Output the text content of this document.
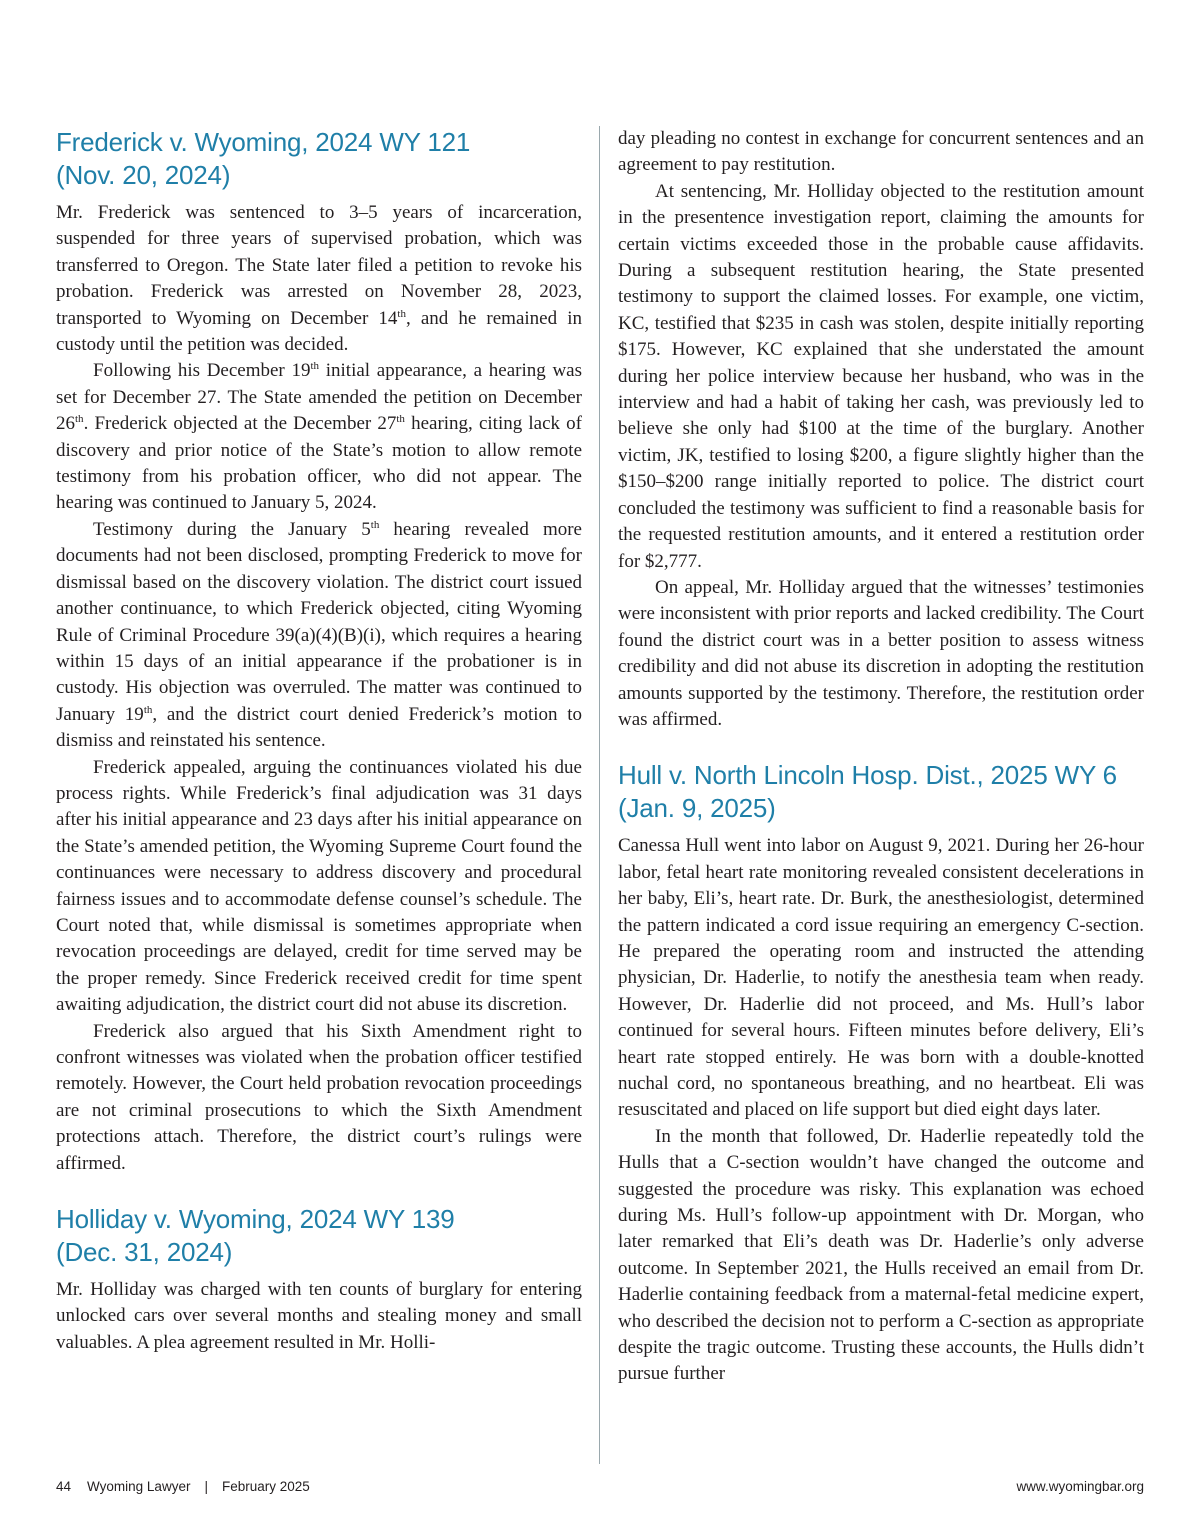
Frederick v. Wyoming, 2024 WY 121
(Nov. 20, 2024)

Mr. Frederick was sentenced to 3–5 years of incarceration, suspended for three years of supervised probation, which was transferred to Oregon. The State later filed a petition to revoke his probation. Frederick was arrested on November 28, 2023, transported to Wyoming on December 14th, and he remained in custody until the petition was decided.

Following his December 19th initial appearance, a hearing was set for December 27. The State amended the petition on December 26th. Frederick objected at the December 27th hearing, citing lack of discovery and prior notice of the State’s motion to allow remote testimony from his probation officer, who did not appear. The hearing was continued to January 5, 2024.

Testimony during the January 5th hearing revealed more documents had not been disclosed, prompting Frederick to move for dismissal based on the discovery violation. The district court issued another continuance, to which Frederick objected, citing Wyoming Rule of Criminal Procedure 39(a)(4)(B)(i), which requires a hearing within 15 days of an initial appearance if the probationer is in custody. His objection was overruled. The matter was continued to January 19th, and the district court denied Frederick’s motion to dismiss and reinstated his sentence.

Frederick appealed, arguing the continuances violated his due process rights. While Frederick’s final adjudication was 31 days after his initial appearance and 23 days after his initial appearance on the State’s amended petition, the Wyoming Supreme Court found the continuances were necessary to address discovery and procedural fairness issues and to accommodate defense counsel’s schedule. The Court noted that, while dismissal is sometimes appropriate when revocation proceedings are delayed, credit for time served may be the proper remedy. Since Frederick received credit for time spent awaiting adjudication, the district court did not abuse its discretion.

Frederick also argued that his Sixth Amendment right to confront witnesses was violated when the probation officer testified remotely. However, the Court held probation revocation proceedings are not criminal prosecutions to which the Sixth Amendment protections attach. Therefore, the district court’s rulings were affirmed.

Holliday v. Wyoming, 2024 WY 139
(Dec. 31, 2024)

Mr. Holliday was charged with ten counts of burglary for entering unlocked cars over several months and stealing money and small valuables. A plea agreement resulted in Mr. Holli-

day pleading no contest in exchange for concurrent sentences and an agreement to pay restitution.

At sentencing, Mr. Holliday objected to the restitution amount in the presentence investigation report, claiming the amounts for certain victims exceeded those in the probable cause affidavits. During a subsequent restitution hearing, the State presented testimony to support the claimed losses. For example, one victim, KC, testified that $235 in cash was stolen, despite initially reporting $175. However, KC explained that she understated the amount during her police interview because her husband, who was in the interview and had a habit of taking her cash, was previously led to believe she only had $100 at the time of the burglary. Another victim, JK, testified to losing $200, a figure slightly higher than the $150–$200 range initially reported to police. The district court concluded the testimony was sufficient to find a reasonable basis for the requested restitution amounts, and it entered a restitution order for $2,777.

On appeal, Mr. Holliday argued that the witnesses’ testimonies were inconsistent with prior reports and lacked credibility. The Court found the district court was in a better position to assess witness credibility and did not abuse its discretion in adopting the restitution amounts supported by the testimony. Therefore, the restitution order was affirmed.

Hull v. North Lincoln Hosp. Dist., 2025 WY 6
(Jan. 9, 2025)

Canessa Hull went into labor on August 9, 2021. During her 26-hour labor, fetal heart rate monitoring revealed consistent decelerations in her baby, Eli’s, heart rate. Dr. Burk, the anesthesiologist, determined the pattern indicated a cord issue requiring an emergency C-section. He prepared the operating room and instructed the attending physician, Dr. Haderlie, to notify the anesthesia team when ready. However, Dr. Haderlie did not proceed, and Ms. Hull’s labor continued for several hours. Fifteen minutes before delivery, Eli’s heart rate stopped entirely. He was born with a double-knotted nuchal cord, no spontaneous breathing, and no heartbeat. Eli was resuscitated and placed on life support but died eight days later.

In the month that followed, Dr. Haderlie repeatedly told the Hulls that a C-section wouldn’t have changed the outcome and suggested the procedure was risky. This explanation was echoed during Ms. Hull’s follow-up appointment with Dr. Morgan, who later remarked that Eli’s death was Dr. Haderlie’s only adverse outcome. In September 2021, the Hulls received an email from Dr. Haderlie containing feedback from a maternal-fetal medicine expert, who described the decision not to perform a C-section as appropriate despite the tragic outcome. Trusting these accounts, the Hulls didn’t pursue further

44 Wyoming Lawyer | February 2025	www.wyomingbar.org
